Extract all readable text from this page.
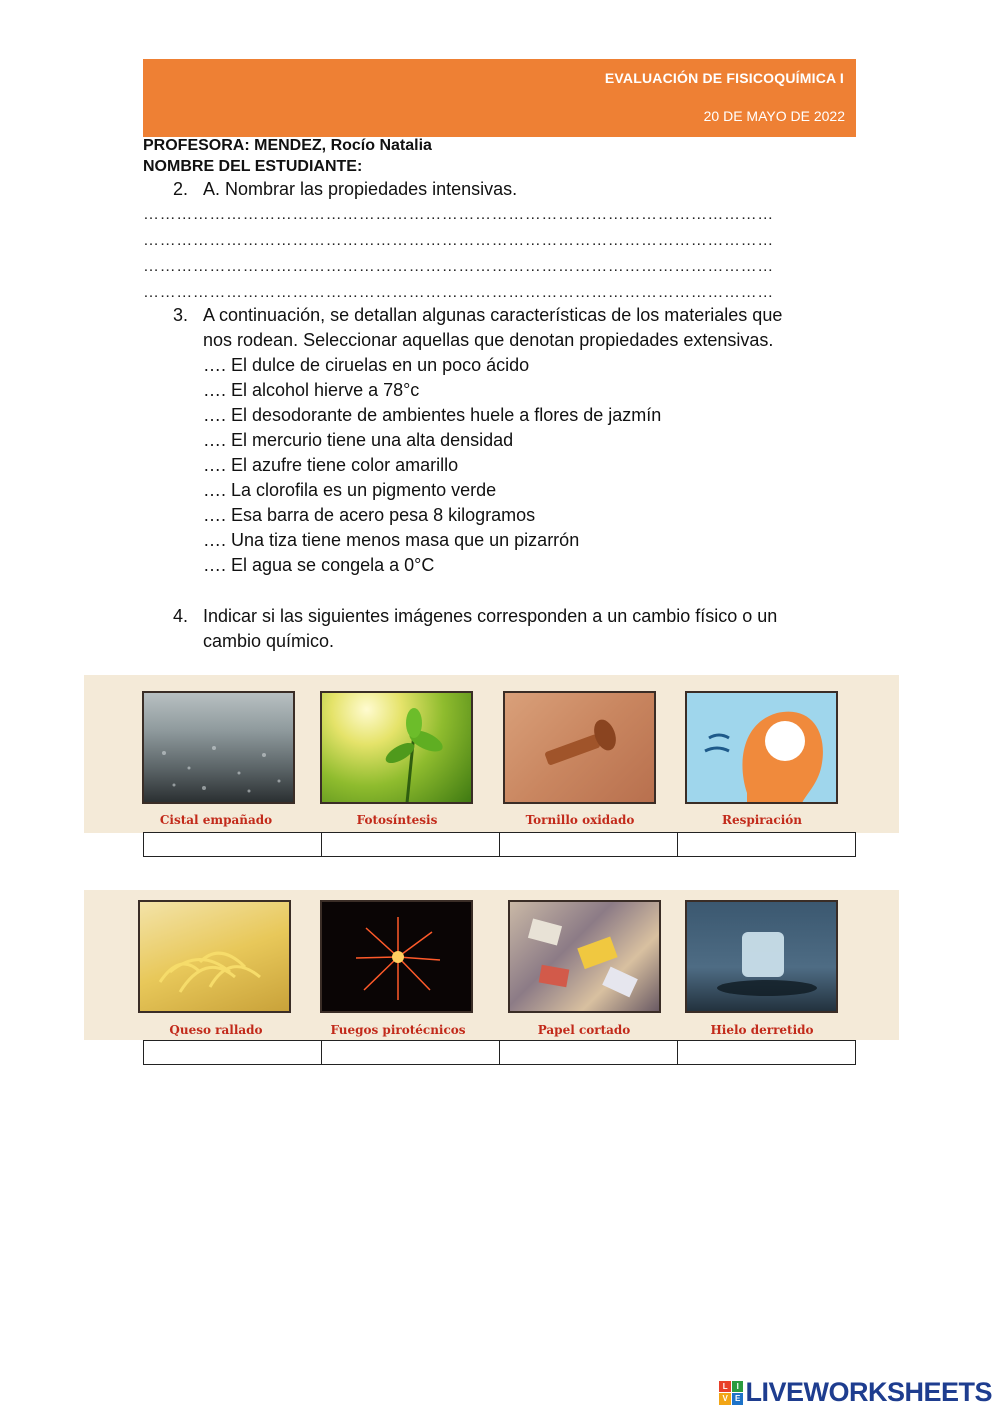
EVALUACIÓN DE FISICOQUÍMICA I
20 DE MAYO DE 2022
PROFESORA: MENDEZ, Rocío Natalia
NOMBRE DEL ESTUDIANTE:
2. A. Nombrar las propiedades intensivas.
……………………………………………………………………………………………………
……………………………………………………………………………………………………
……………………………………………………………………………………………………
……………………………………………………………………………………………………
3. A continuación, se detallan algunas características de los materiales que
nos rodean. Seleccionar aquellas que denotan propiedades extensivas.
…. El dulce de ciruelas en un poco ácido
…. El alcohol hierve a 78°c
…. El desodorante de ambientes huele a flores de jazmín
…. El mercurio tiene una alta densidad
…. El azufre tiene color amarillo
…. La clorofila es un pigmento verde
…. Esa barra de acero pesa 8 kilogramos
…. Una tiza tiene menos masa que un pizarrón
…. El agua se congela a 0°C
4. Indicar si las siguientes imágenes corresponden a un cambio físico o un
cambio químico.
Cistal empañado	Fotosíntesis	Tornillo oxidado	Respiración
Queso rallado	Fuegos pirotécnicos	Papel cortado	Hielo derretido
L	I
V E LIVEWORKSHEETS
